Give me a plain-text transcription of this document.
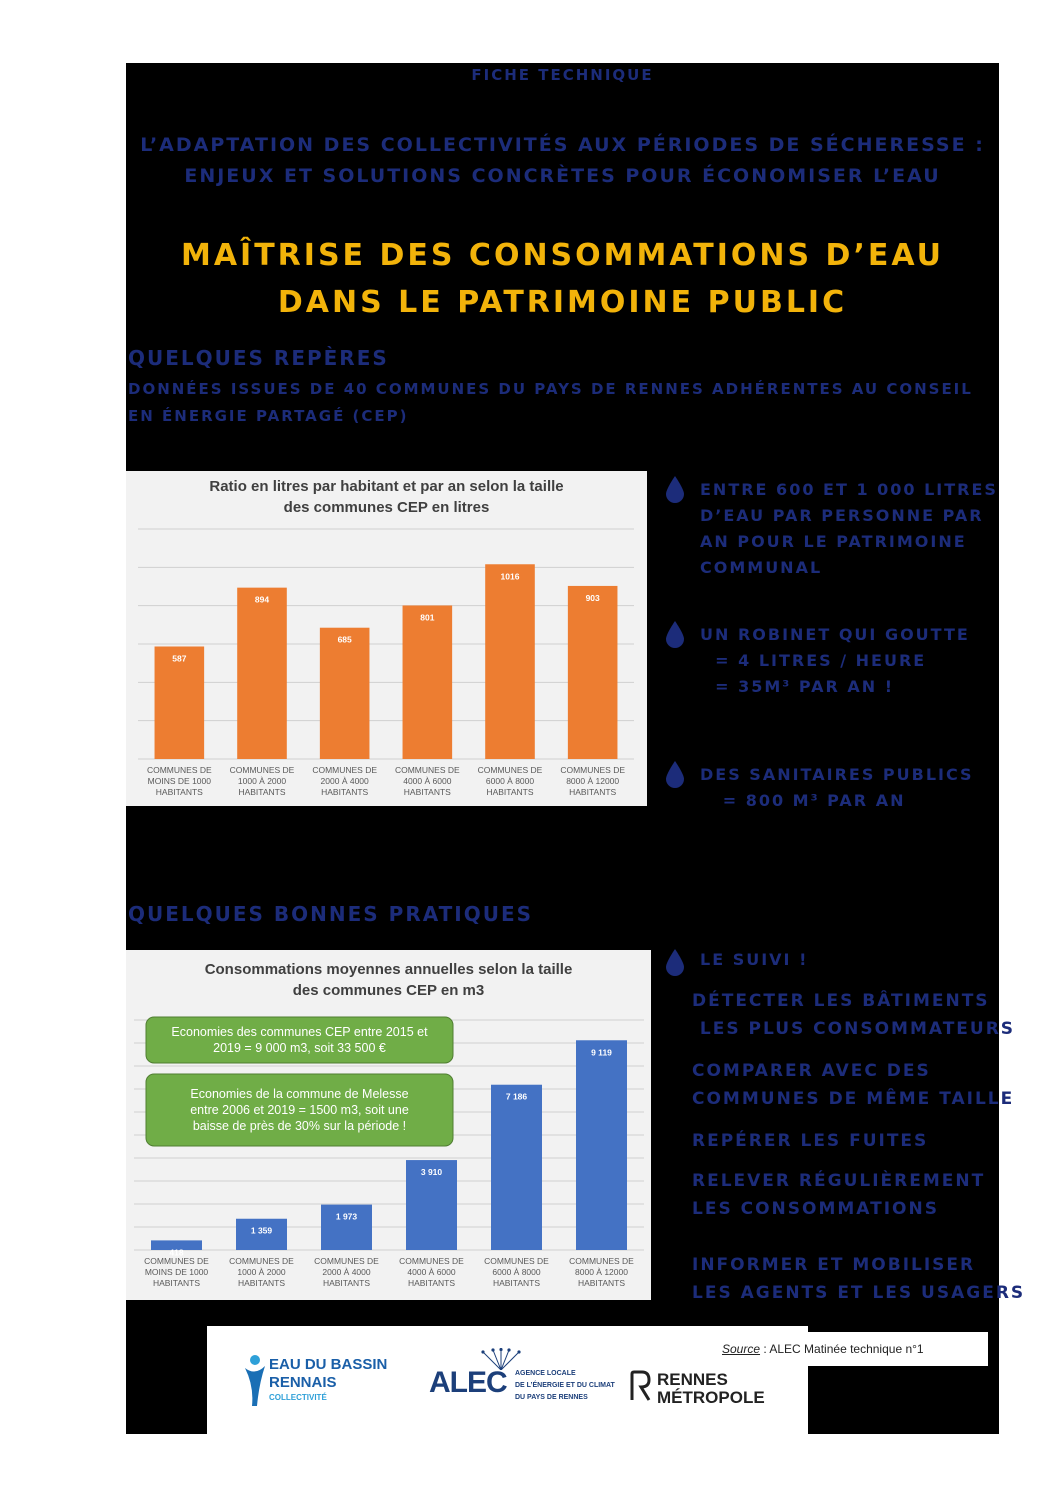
FICHE TECHNIQUE
L’ADAPTATION DES COLLECTIVITÉS AUX PÉRIODES DE SÉCHERESSE :
ENJEUX ET SOLUTIONS CONCRÈTES POUR ÉCONOMISER L’EAU
MAÎTRISE DES CONSOMMATIONS D’EAU
DANS LE PATRIMOINE PUBLIC
QUELQUES REPÈRES
DONNÉES ISSUES DE 40 COMMUNES DU PAYS DE RENNES ADHÉRENTES AU CONSEIL EN ÉNERGIE PARTAGÉ (CEP)
Ratio en litres par habitant et par an selon la taille
des communes CEP en litres
587
COMMUNES DE
MOINS DE 1000
HABITANTS
894
COMMUNES DE
1000 À 2000
HABITANTS
685
COMMUNES DE
2000 À 4000
HABITANTS
801
COMMUNES DE
4000 À 6000
HABITANTS
1016
COMMUNES DE
6000 À 8000
HABITANTS
903
COMMUNES DE
8000 À 12000
HABITANTS
ENTRE 600 ET 1 000 LITRES
D’EAU PAR PERSONNE PAR
AN POUR LE PATRIMOINE
COMMUNAL
UN ROBINET QUI GOUTTE
= 4 LITRES / HEURE
= 35M³ PAR AN !
DES SANITAIRES PUBLICS
= 800 M³ PAR AN
QUELQUES BONNES PRATIQUES
Consommations moyennes annuelles selon la taille
des communes CEP en m3
418
COMMUNES DE
MOINS DE 1000
HABITANTS
1 359
COMMUNES DE
1000 À 2000
HABITANTS
1 973
COMMUNES DE
2000 À 4000
HABITANTS
3 910
COMMUNES DE
4000 À 6000
HABITANTS
7 186
COMMUNES DE
6000 À 8000
HABITANTS
9 119
COMMUNES DE
8000 À 12000
HABITANTS
Economies des communes CEP entre 2015 et
2019 = 9 000 m3, soit 33 500 €
Economies de la commune de Melesse
entre 2006 et 2019 = 1500 m3, soit une
baisse de près de 30% sur la période !
LE SUIVI !
DÉTECTER LES BÂTIMENTS
LES PLUS CONSOMMATEURS
COMPARER AVEC DES
COMMUNES DE MÊME TAILLE
REPÉRER LES FUITES
RELEVER RÉGULIÈREMENT
LES CONSOMMATIONS
INFORMER ET MOBILISER
LES AGENTS ET LES USAGERS
EAU DU BASSIN
RENNAIS
COLLECTIVITÉ	ALEC AGENCE LOCALE
DE L’ÉNERGIE ET DU CLIMAT
DU PAYS DE RENNES
RENNES
MÉTROPOLE
Source : ALEC Matinée technique n°1
